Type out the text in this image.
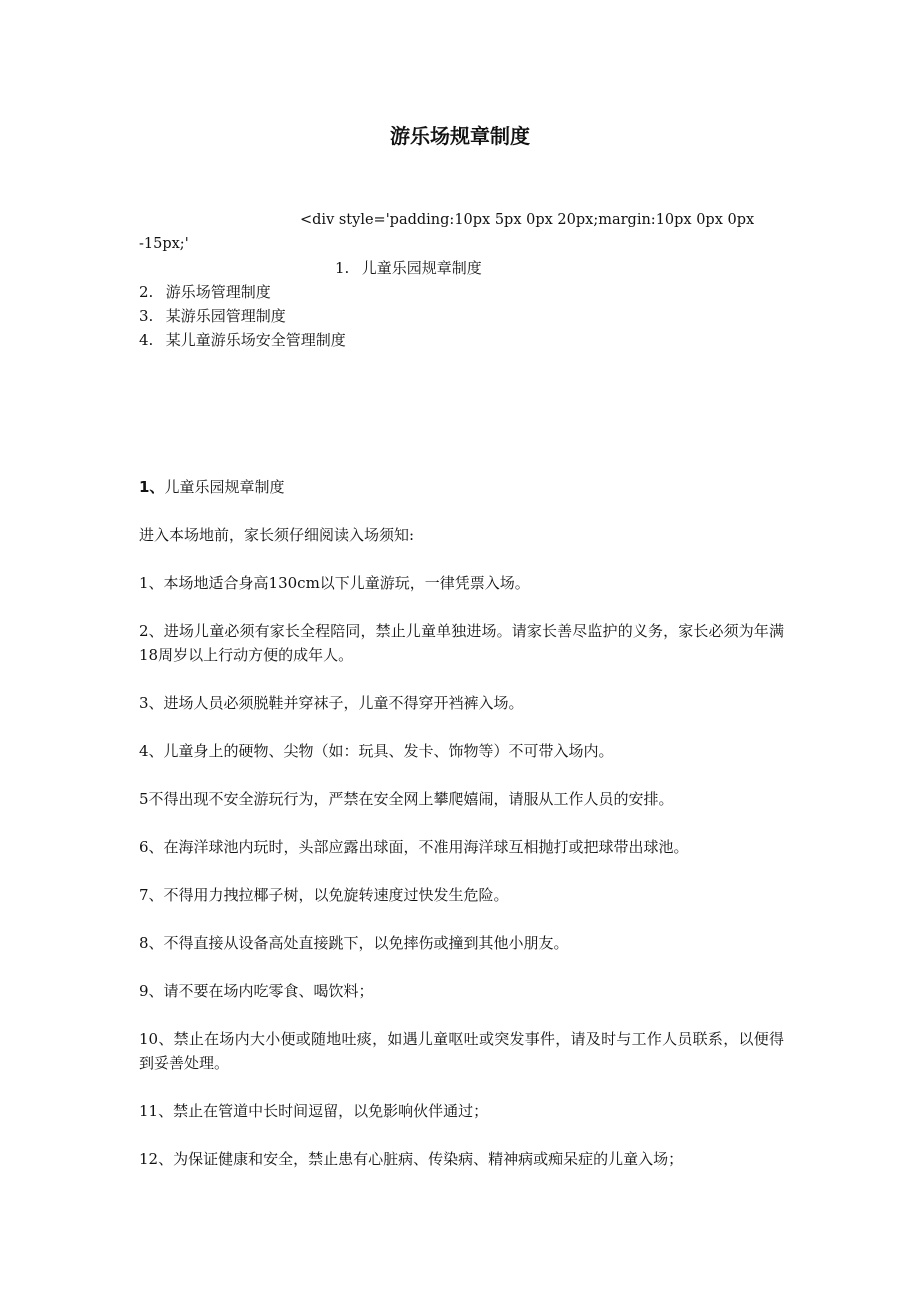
游乐场规章制度
<div style='padding:10px 5px 0px 20px;margin:10px 0px 0px
-15px;'
1. 儿童乐园规章制度
2. 游乐场管理制度
3. 某游乐园管理制度
4. 某儿童游乐场安全管理制度
1、儿童乐园规章制度

进入本场地前，家长须仔细阅读入场须知:

1、本场地适合身高130cm以下儿童游玩，一律凭票入场。

2、进场儿童必须有家长全程陪同，禁止儿童单独进场。请家长善尽监护的义务，家长必须为年满18周岁以上行动方便的成年人。

3、进场人员必须脱鞋并穿袜子，儿童不得穿开裆裤入场。

4、儿童身上的硬物、尖物（如：玩具、发卡、饰物等）不可带入场内。

5不得出现不安全游玩行为，严禁在安全网上攀爬嬉闹，请服从工作人员的安排。

6、在海洋球池内玩时，头部应露出球面，不准用海洋球互相抛打或把球带出球池。

7、不得用力拽拉椰子树，以免旋转速度过快发生危险。

8、不得直接从设备高处直接跳下，以免摔伤或撞到其他小朋友。

9、请不要在场内吃零食、喝饮料；

10、禁止在场内大小便或随地吐痰，如遇儿童呕吐或突发事件，请及时与工作人员联系，以便得到妥善处理。

11、禁止在管道中长时间逗留，以免影响伙伴通过；

12、为保证健康和安全，禁止患有心脏病、传染病、精神病或痴呆症的儿童入场；
